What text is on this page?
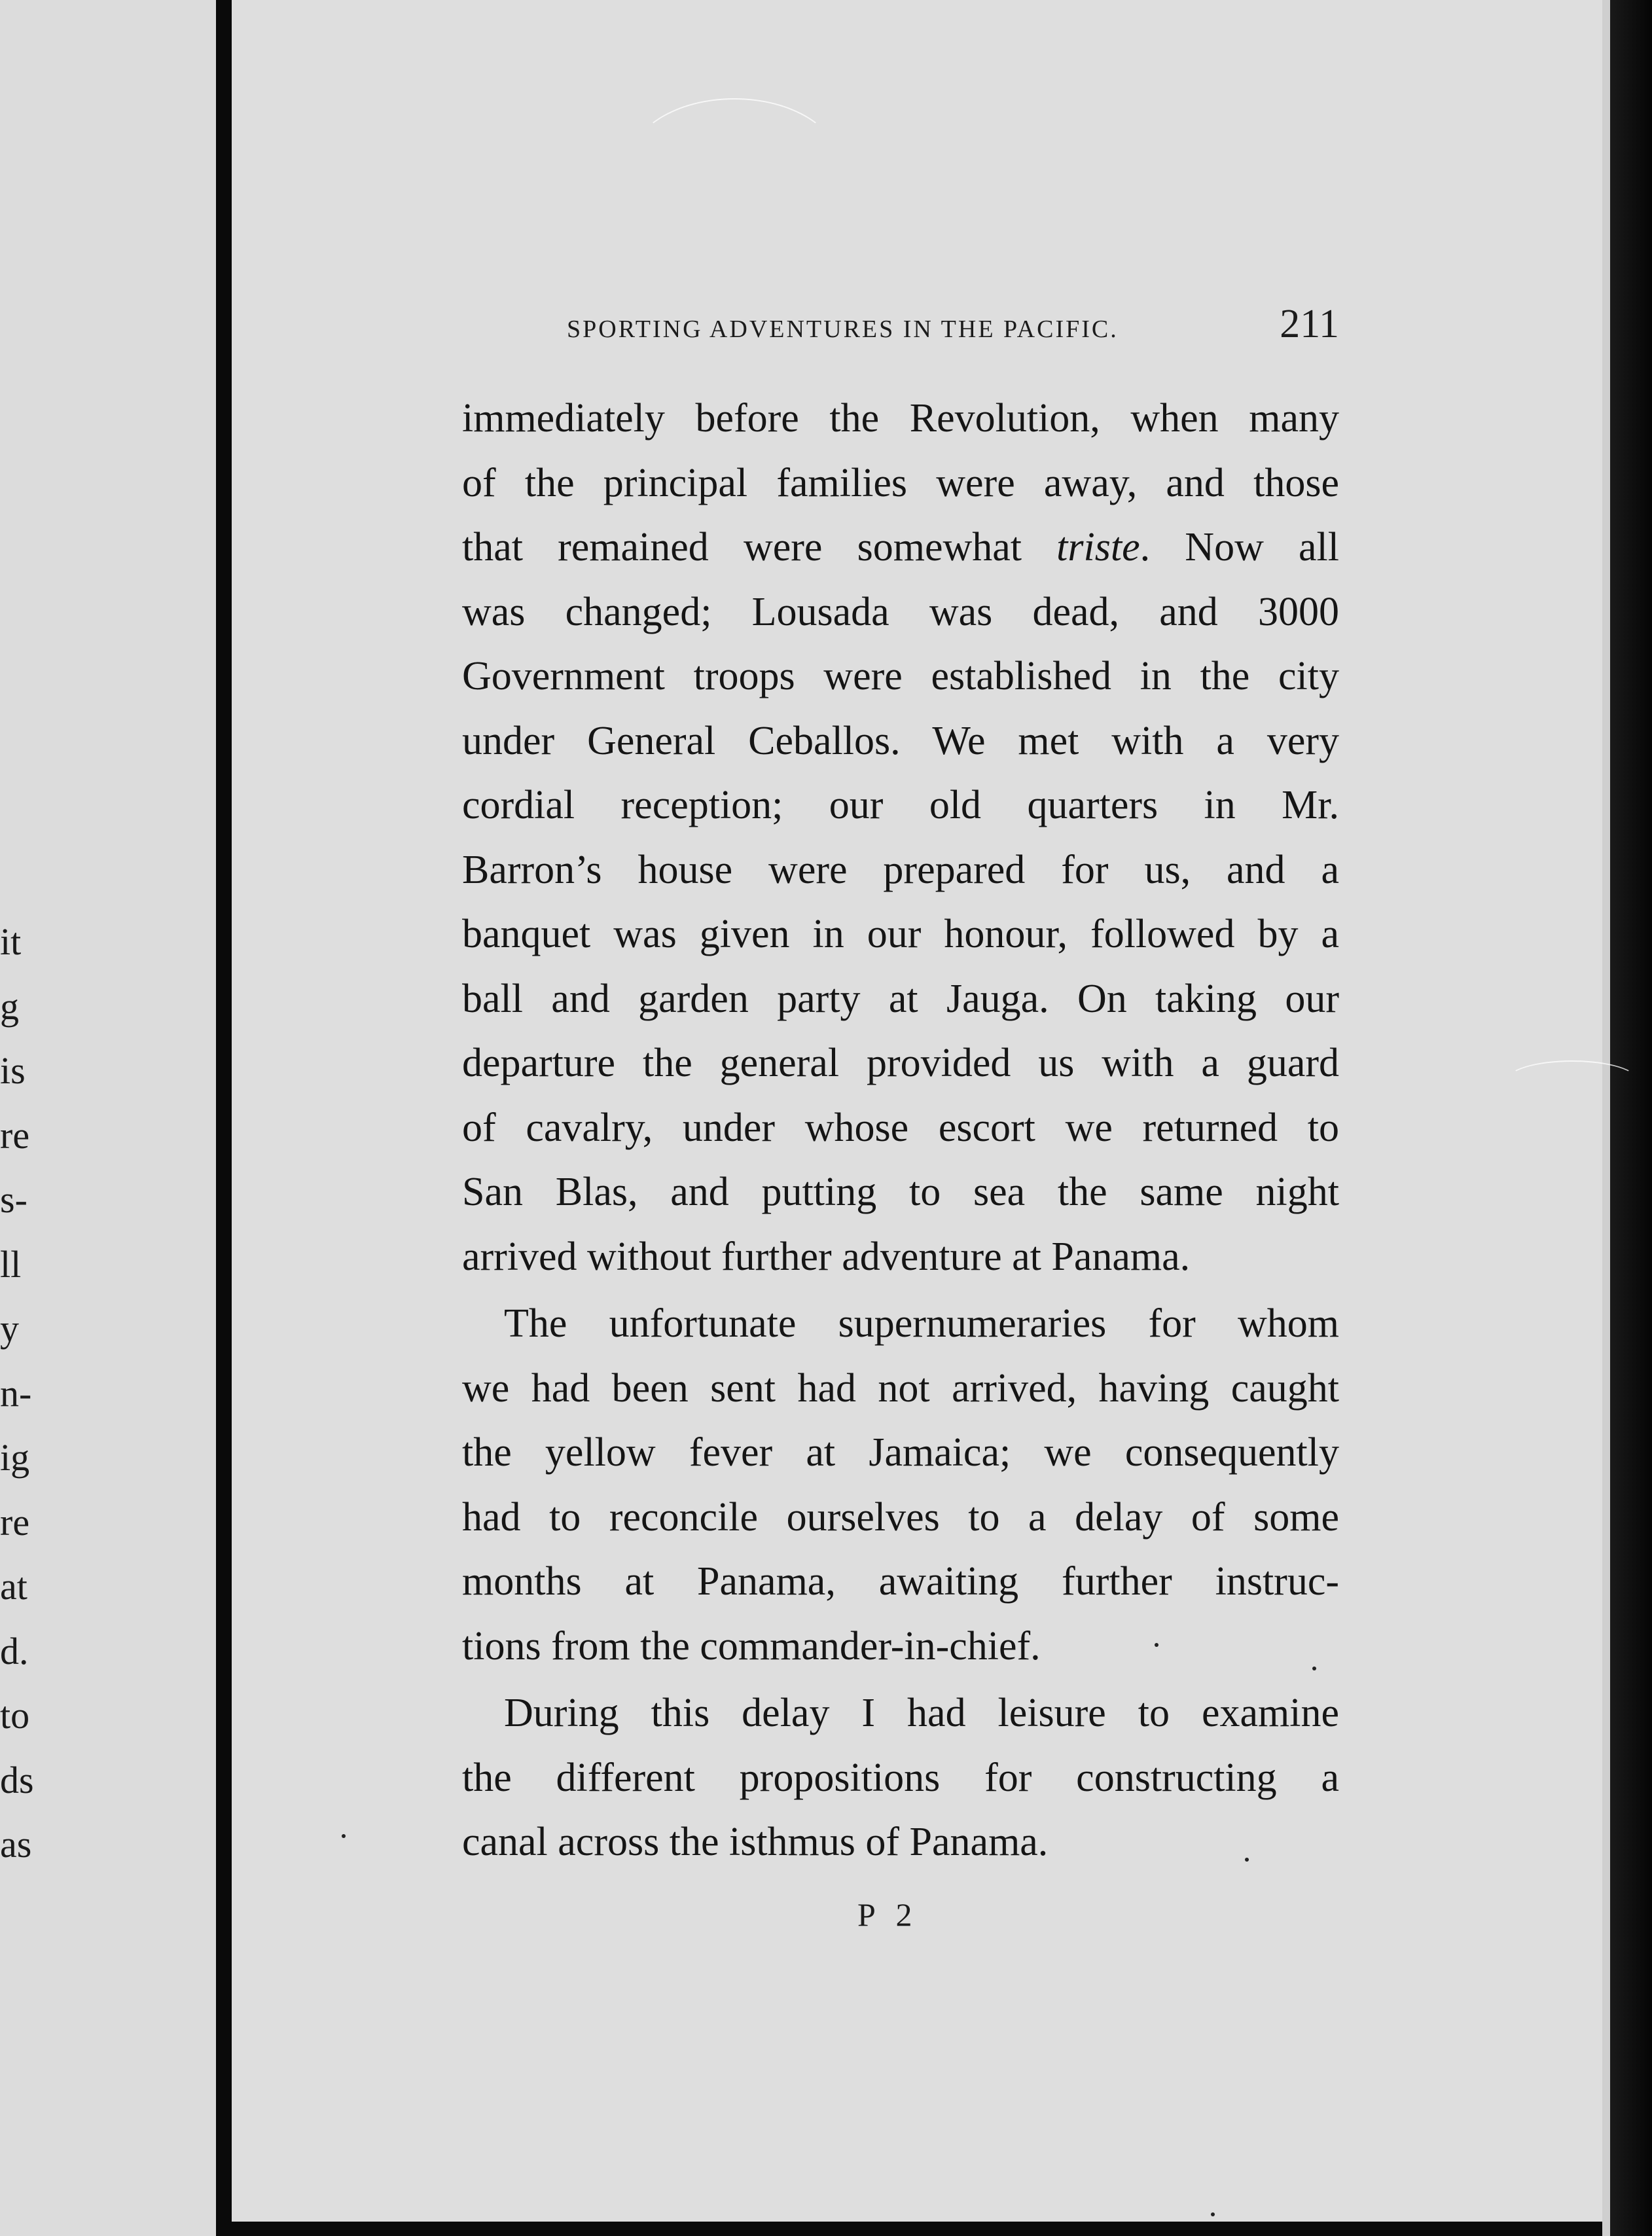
it
g
is
re
s-
ll
y
n-
ig
re
at
d.
to
ds
as
SPORTING ADVENTURES IN THE PACIFIC.	211

immediately before the Revolution, when many
of the principal families were away, and those
that remained were somewhat triste. Now all
was changed; Lousada was dead, and 3000
Government troops were established in the city
under General Ceballos. We met with a very
cordial reception; our old quarters in Mr.
Barron’s house were prepared for us, and a
banquet was given in our honour, followed by a
ball and garden party at Jauga. On taking our
departure the general provided us with a guard
of cavalry, under whose escort we returned to
San Blas, and putting to sea the same night
arrived without further adventure at Panama.

The unfortunate supernumeraries for whom
we had been sent had not arrived, having caught
the yellow fever at Jamaica; we consequently
had to reconcile ourselves to a delay of some
months at Panama, awaiting further instruc-
tions from the commander-in-chief.

During this delay I had leisure to examine
the different propositions for constructing a
canal across the isthmus of Panama.

P 2
